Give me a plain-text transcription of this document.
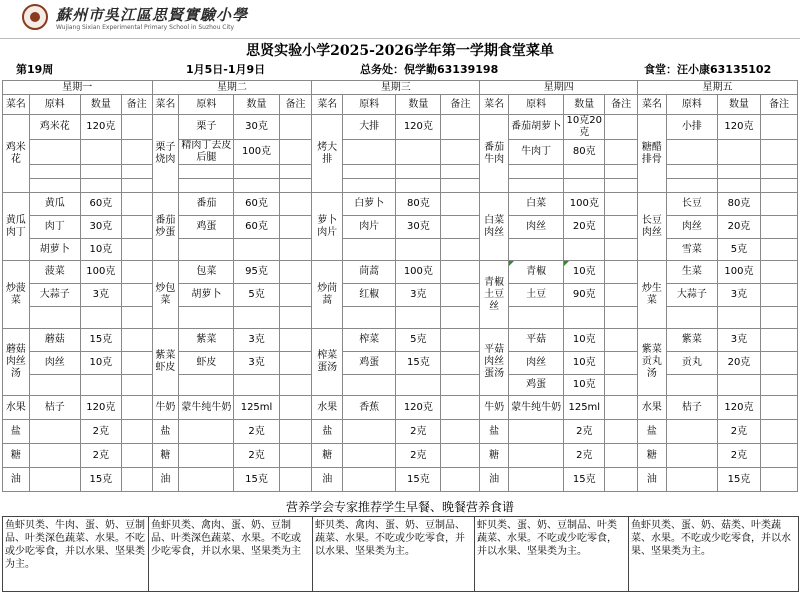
蘇州市吳江區思賢實驗小學
Wujiang Sixian Experimental Primary School in Suzhou City
思贤实验小学2025-2026学年第一学期食堂菜单
第19周	1月5日-1月9日	总务处：倪学勤63139198	食堂：汪小康63135102
星期一				星期二				星期三				星期四				星期五			
菜名	原料	数量	备注	菜名	原料	数量	备注	菜名	原料	数量	备注	菜名	原料	数量	备注	菜名	原料	数量	备注
鸡米花	鸡米花	120克		栗子烧肉	栗子	30克		烤大排	大排	120克		番茄牛肉	番茄胡萝卜	10克20克		糖醋排骨	小排	120克	
					精肉丁去皮后腿	100克							牛肉丁	80克					

黄瓜肉丁	黄瓜	60克		番茄炒蛋	番茄	60克		萝卜肉片	白萝卜	80克		白菜肉丝	白菜	100克		长豆肉丝	长豆	80克	
	肉丁	30克			鸡蛋	60克			肉片	30克			肉丝	20克			肉丝	20克	
	胡萝卜	10克															雪菜	5克	
炒菠菜	菠菜	100克		炒包菜	包菜	95克		炒茼蒿	茼蒿	100克		青椒土豆丝	青椒	10克		炒生菜	生菜	100克	
	大蒜子	3克			胡萝卜	5克			红椒	3克			土豆	90克			大蒜子	3克	

蘑菇肉丝汤	蘑菇	15克		紫菜虾皮	紫菜	3克		榨菜蛋汤	榨菜	5克		平菇肉丝蛋汤	平菇	10克		紫菜贡丸汤	紫菜	3克	
	肉丝	10克			虾皮	3克			鸡蛋	15克			肉丝	10克			贡丸	20克	
													鸡蛋	10克					
水果	桔子	120克		牛奶	蒙牛纯牛奶	125ml		水果	香蕉	120克		牛奶	蒙牛纯牛奶	125ml		水果	桔子	120克	
盐		2克		盐		2克		盐		2克		盐		2克		盐		2克	
糖		2克		糖		2克		糖		2克		糖		2克		糖		2克	
油		15克		油		15克		油		15克		油		15克		油		15克	
营养学会专家推荐学生早餐、晚餐营养食谱
鱼虾贝类、牛肉、蛋、奶、豆制品、叶类深色蔬菜、水果。不吃或少吃零食，并以水果、坚果类为主。	鱼虾贝类、禽肉、蛋、奶、豆制品、叶类深色蔬菜、水果。不吃或少吃零食，并以水果、坚果类为主	虾贝类、禽肉、蛋、奶、豆制品、蔬菜、水果。不吃或少吃零食，并以水果、坚果类为主。	虾贝类、蛋、奶、豆制品、叶类蔬菜、水果。不吃或少吃零食，并以水果、坚果类为主。	鱼虾贝类、蛋、奶、菇类、叶类蔬菜、水果。不吃或少吃零食，并以水果、坚果类为主。
